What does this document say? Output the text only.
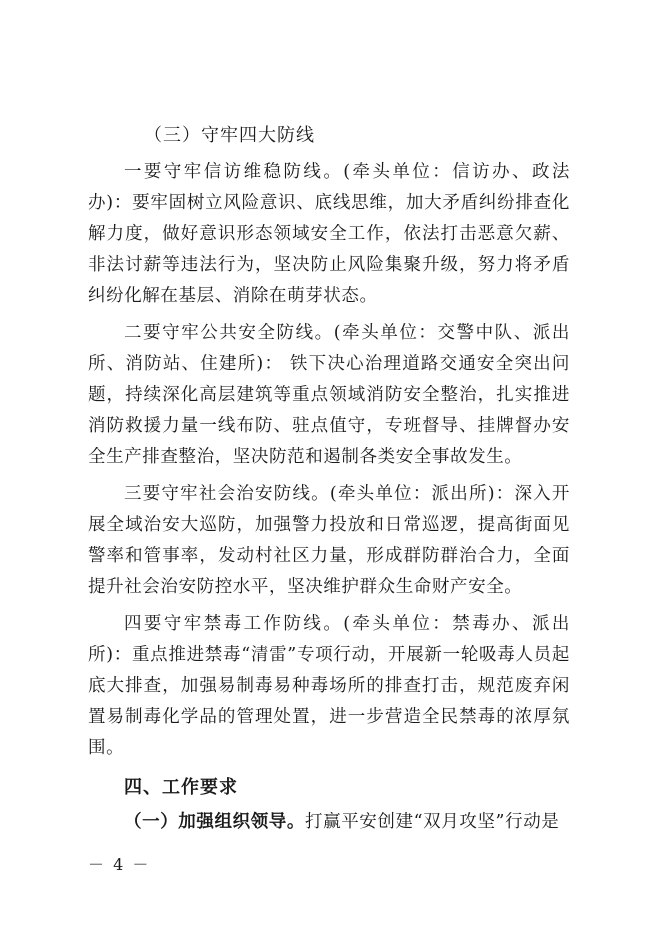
（三）守牢四大防线

一要守牢信访维稳防线。(牵头单位：信访办、政法办)：要牢固树立风险意识、底线思维，加大矛盾纠纷排查化解力度，做好意识形态领域安全工作，依法打击恶意欠薪、非法讨薪等违法行为，坚决防止风险集聚升级，努力将矛盾纠纷化解在基层、消除在萌芽状态。

二要守牢公共安全防线。(牵头单位：交警中队、派出所、消防站、住建所)： 铁下决心治理道路交通安全突出问题，持续深化高层建筑等重点领域消防安全整治，扎实推进消防救援力量一线布防、驻点值守，专班督导、挂牌督办安全生产排查整治，坚决防范和遏制各类安全事故发生。

三要守牢社会治安防线。(牵头单位：派出所)：深入开展全域治安大巡防，加强警力投放和日常巡逻，提高街面见警率和管事率，发动村社区力量，形成群防群治合力，全面提升社会治安防控水平，坚决维护群众生命财产安全。

四要守牢禁毒工作防线。(牵头单位：禁毒办、派出所)：重点推进禁毒“清雷”专项行动，开展新一轮吸毒人员起底大排查，加强易制毒易种毒场所的排查打击，规范废弃闲置易制毒化学品的管理处置，进一步营造全民禁毒的浓厚氛围。

四、工作要求

（一）加强组织领导。打赢平安创建“双月攻坚”行动是

－ 4 －
